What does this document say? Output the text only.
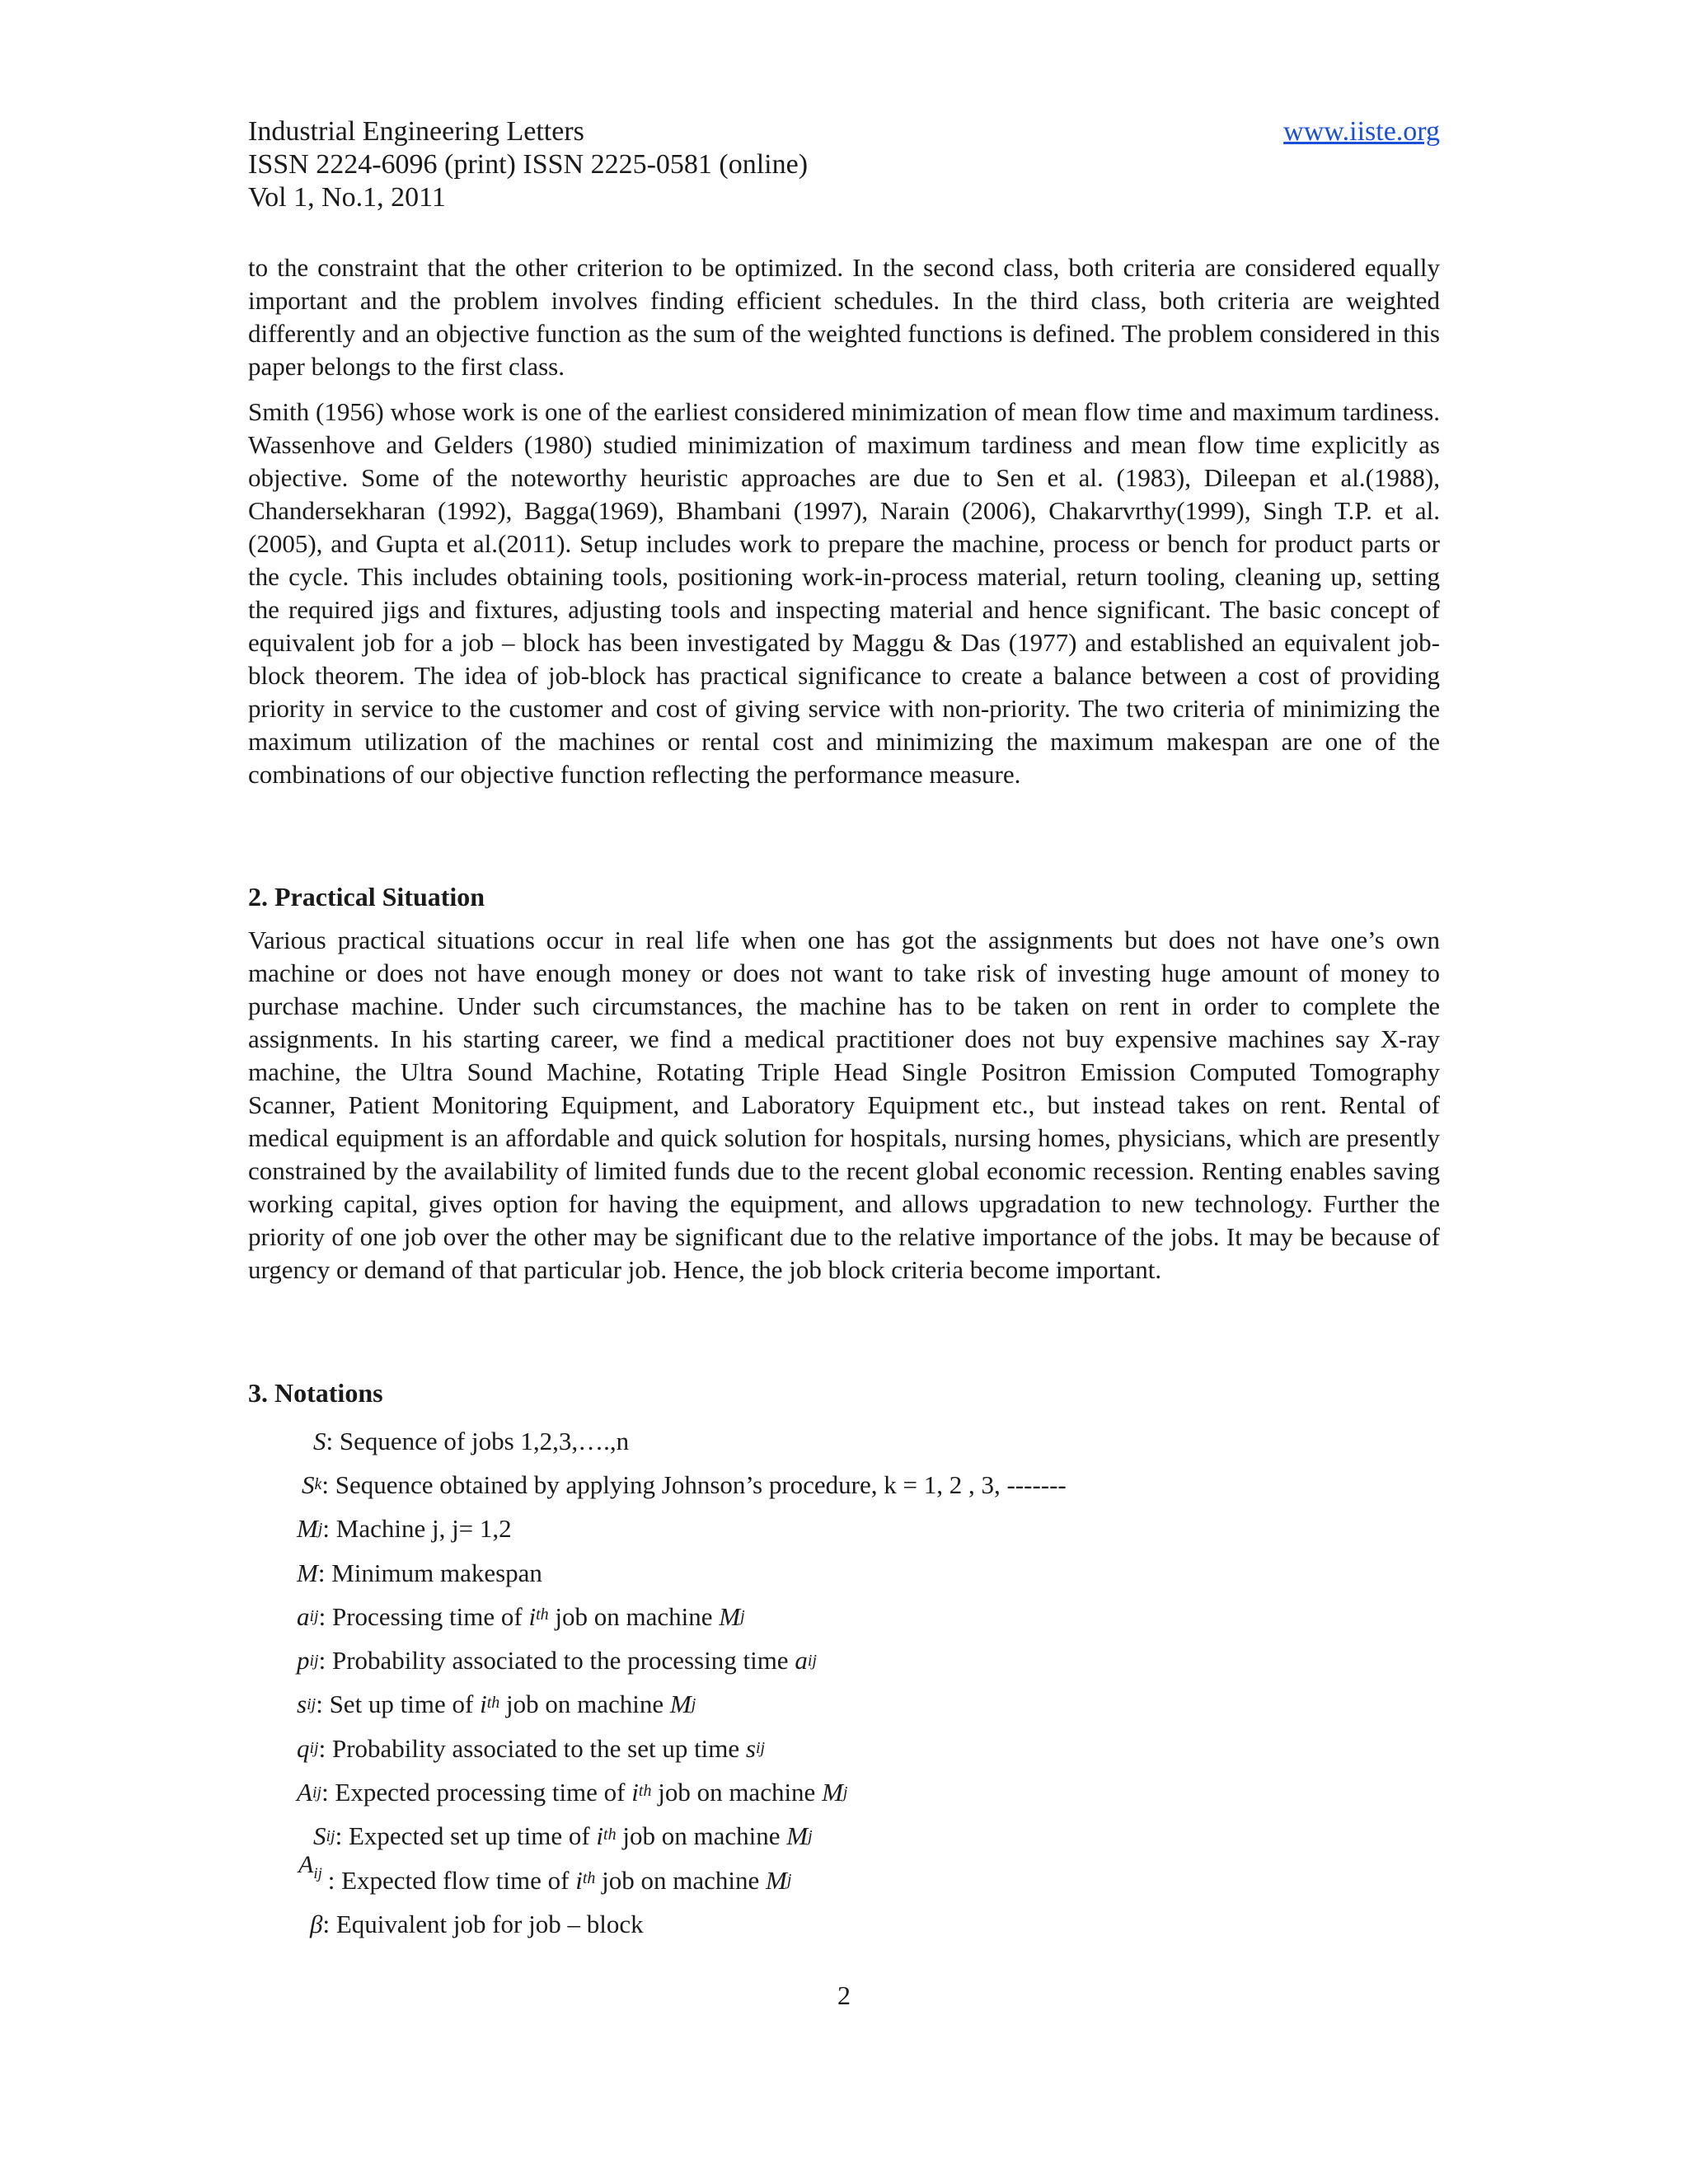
Industrial Engineering Letters	www.iiste.org
ISSN 2224-6096 (print) ISSN 2225-0581 (online)
Vol 1, No.1, 2011

to the constraint that the other criterion to be optimized. In the second class, both criteria are considered equally important and the problem involves finding efficient schedules. In the third class, both criteria are weighted differently and an objective function as the sum of the weighted functions is defined. The problem considered in this paper belongs to the first class.

Smith (1956) whose work is one of the earliest considered minimization of mean flow time and maximum tardiness. Wassenhove and Gelders (1980) studied minimization of maximum tardiness and mean flow time explicitly as objective. Some of the noteworthy heuristic approaches are due to Sen et al. (1983), Dileepan et al.(1988), Chandersekharan (1992), Bagga(1969), Bhambani (1997), Narain (2006), Chakarvrthy(1999), Singh T.P. et al. (2005), and Gupta et al.(2011). Setup includes work to prepare the machine, process or bench for product parts or the cycle. This includes obtaining tools, positioning work-in-process material, return tooling, cleaning up, setting the required jigs and fixtures, adjusting tools and inspecting material and hence significant. The basic concept of equivalent job for a job – block has been investigated by Maggu & Das (1977) and established an equivalent job-block theorem. The idea of job-block has practical significance to create a balance between a cost of providing priority in service to the customer and cost of giving service with non-priority. The two criteria of minimizing the maximum utilization of the machines or rental cost and minimizing the maximum makespan are one of the combinations of our objective function reflecting the performance measure.

2. Practical Situation

Various practical situations occur in real life when one has got the assignments but does not have one’s own machine or does not have enough money or does not want to take risk of investing huge amount of money to purchase machine. Under such circumstances, the machine has to be taken on rent in order to complete the assignments. In his starting career, we find a medical practitioner does not buy expensive machines say X-ray machine, the Ultra Sound Machine, Rotating Triple Head Single Positron Emission Computed Tomography Scanner, Patient Monitoring Equipment, and Laboratory Equipment etc., but instead takes on rent. Rental of medical equipment is an affordable and quick solution for hospitals, nursing homes, physicians, which are presently constrained by the availability of limited funds due to the recent global economic recession. Renting enables saving working capital, gives option for having the equipment, and allows upgradation to new technology. Further the priority of one job over the other may be significant due to the relative importance of the jobs. It may be because of urgency or demand of that particular job. Hence, the job block criteria become important.

3. Notations
S : Sequence of jobs 1,2,3,….,n
S k : Sequence obtained by applying Johnson’s procedure, k = 1, 2 , 3, -------
M j : Machine j, j= 1,2
M : Minimum makespan
a ij : Processing time of i $^{th}$ job on machine M j
p ij : Probability associated to the processing time a ij
s ij : Set up time of i $^{th}$ job on machine M j
q ij : Probability associated to the set up time s ij
A ij : Expected processing time of i $^{th}$ job on machine M j
S ij : Expected set up time of i $^{th}$ job on machine M j
$A_{ij}$ : Expected flow time of i $^{th}$ job on machine M j
β : Equivalent job for job – block
2
